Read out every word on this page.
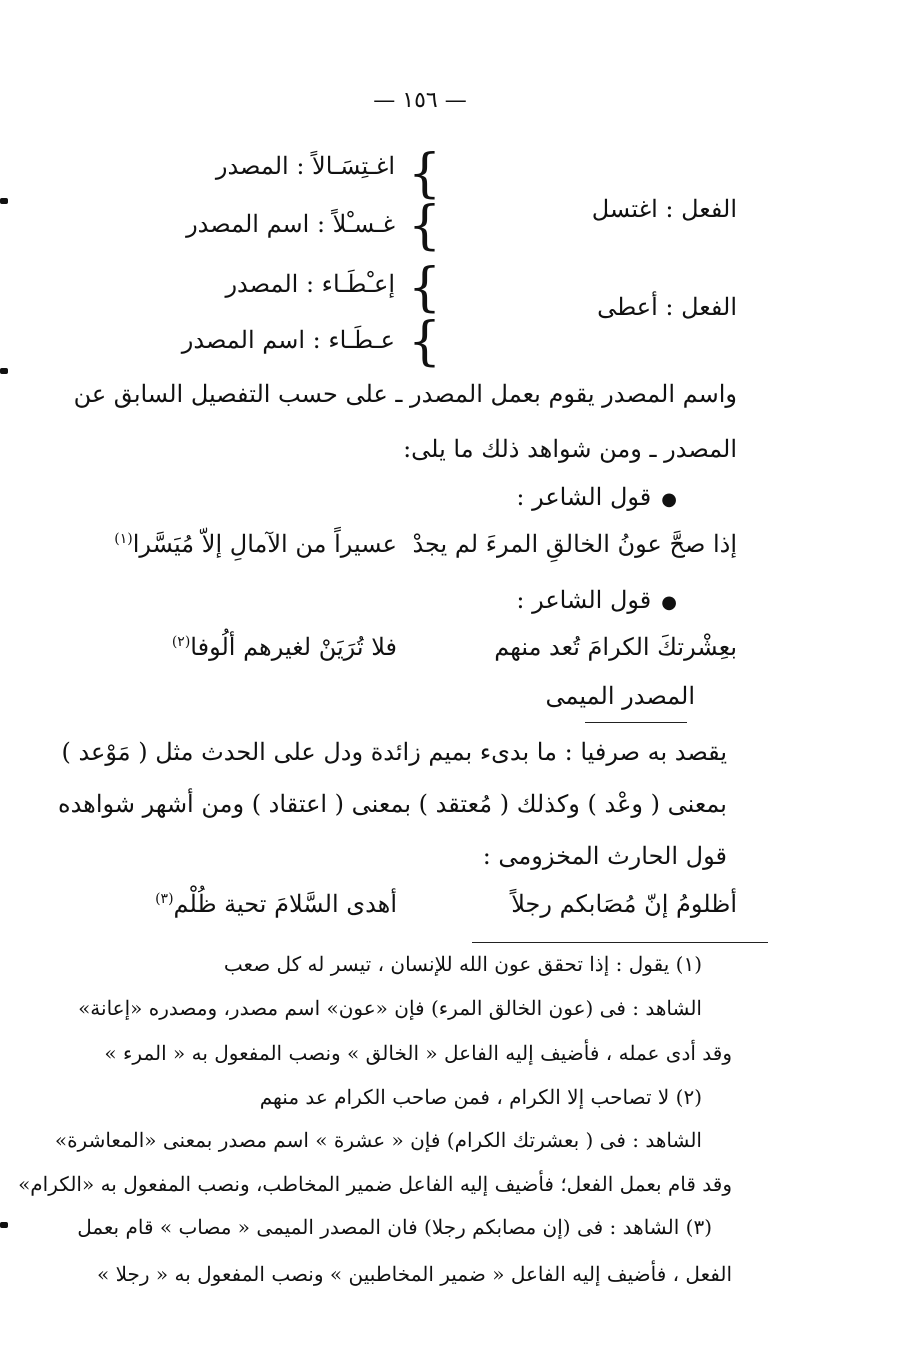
— ١٥٦ —
الفعل : اغتسل
الفعل : أعطى
{
{
{
{
اغـتِسَـالاً : المصدر
غـسـْلاً : اسم المصدر
إعـْطَـاء : المصدر
عـطَـاء : اسم المصدر
واسم المصدر يقوم بعمل المصدر ـ على حسب التفصيل السابق عن
المصدر ـ ومن شواهد ذلك ما يلى:
●قول الشاعر :
إذا صحَّ عونُ الخالقِ المرءَ لم يجدْ
عسيراً من الآمالِ إلاّ مُيَسَّرا$^{(١)}$
●قول الشاعر :
بعِشْرتكَ الكرامَ تُعد منهم
فلا تُرَيَنْ لغيرهم ألُوفا$^{(٢)}$
المصدر الميمى
يقصد به صرفيا : ما بدىء بميم زائدة ودل على الحدث مثل ( مَوْعد )
بمعنى ( وعْد ) وكذلك ( مُعتقد ) بمعنى ( اعتقاد ) ومن أشهر شواهده
قول الحارث المخزومى :
أظلومُ إنّ مُصَابكم رجلاً
أهدى السَّلامَ تحية ظُلْم$^{(٣)}$
(١) يقول : إذا تحقق عون الله للإنسان ، تيسر له كل صعب
الشاهد : فى (عون الخالق المرء) فإن «عون» اسم مصدر، ومصدره «إعانة»
وقد أدى عمله ، فأضيف إليه الفاعل « الخالق » ونصب المفعول به « المرء »
(٢) لا تصاحب إلا الكرام ، فمن صاحب الكرام عد منهم
الشاهد : فى ( بعشرتك الكرام) فإن « عشرة » اسم مصدر بمعنى «المعاشرة»
وقد قام بعمل الفعل؛ فأضيف إليه الفاعل ضمير المخاطب، ونصب المفعول به «الكرام»
(٣) الشاهد : فى (إن مصابكم رجلا) فان المصدر الميمى « مصاب » قام بعمل
الفعل ، فأضيف إليه الفاعل « ضمير المخاطبين » ونصب المفعول به « رجلا »
